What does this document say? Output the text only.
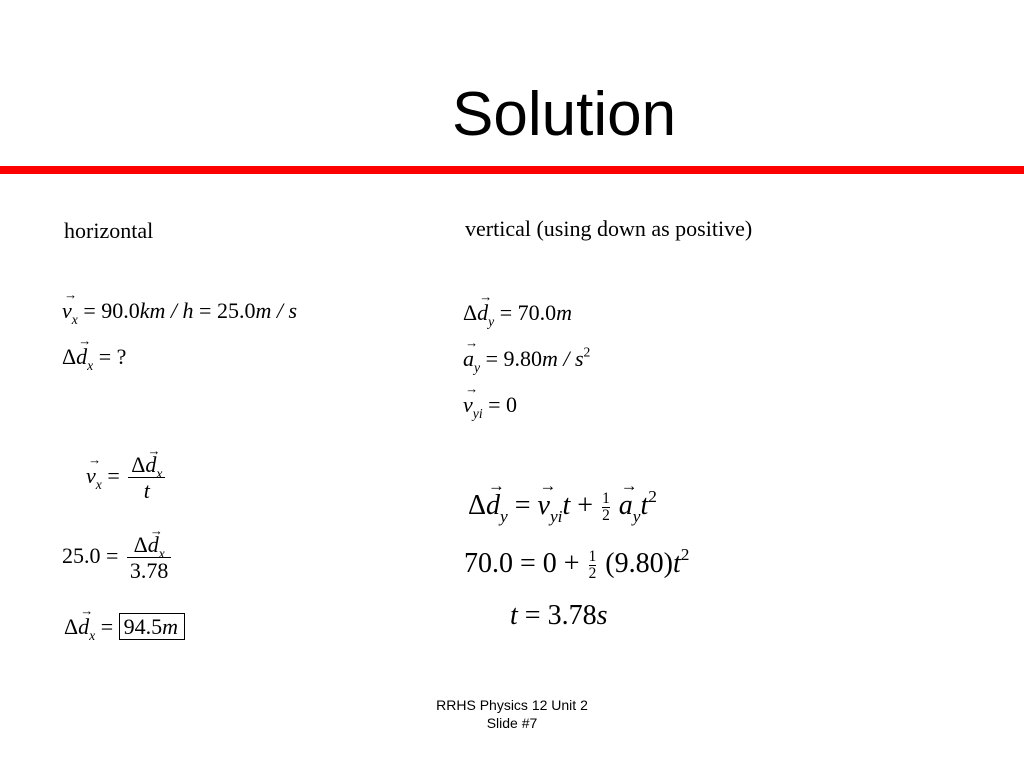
Solution
horizontal
→ $v_x = 90.0km / h = 25.0m / s$
$\Delta\to d_x$ = ?
→ $v_x = \frac{\Delta\to d_x}{t}$
$25.0 = \frac{\Delta\to d_x}{3.78}$
$\Delta\to d_x = 94.5m$
vertical (using down as positive)
$\Delta\to d_y = 70.0m$
→ $a_y = 9.80m / s^2$
→ $v_{yi} = 0$
$\Delta\to d_y$ = → $v_{yi}t + \frac{1}{2}$
→ $a_yt^2$
$70.0 = 0 + \frac{1}{2} (9.80)t^2$
t = 3.78s
RRHS Physics 12 Unit 2
Slide #7
